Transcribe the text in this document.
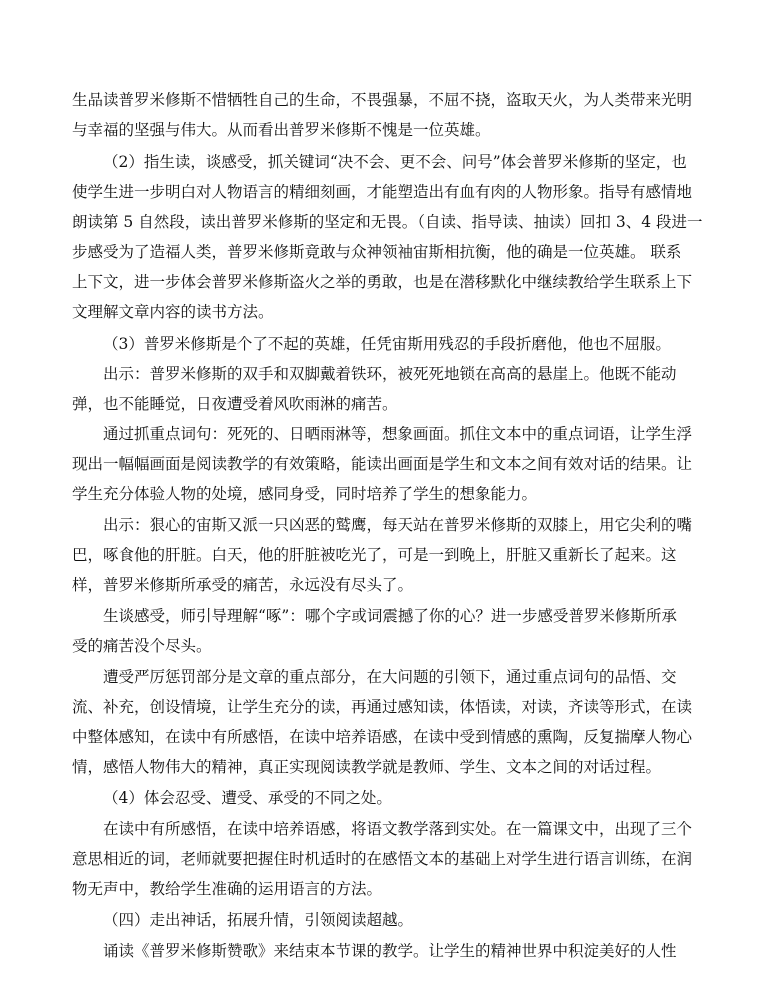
生品读普罗米修斯不惜牺牲自己的生命，不畏强暴，不屈不挠，盗取天火，为人类带来光明
与幸福的坚强与伟大。从而看出普罗米修斯不愧是一位英雄。
（2）指生读，谈感受，抓关键词“决不会、更不会、问号”体会普罗米修斯的坚定，也
使学生进一步明白对人物语言的精细刻画，才能塑造出有血有肉的人物形象。指导有感情地
朗读第 5 自然段，读出普罗米修斯的坚定和无畏。（自读、指导读、抽读）回扣 3、4 段进一
步感受为了造福人类，普罗米修斯竟敢与众神领袖宙斯相抗衡，他的确是一位英雄。 联系
上下文，进一步体会普罗米修斯盗火之举的勇敢，也是在潜移默化中继续教给学生联系上下
文理解文章内容的读书方法。
（3）普罗米修斯是个了不起的英雄，任凭宙斯用残忍的手段折磨他，他也不屈服。
出示：普罗米修斯的双手和双脚戴着铁环，被死死地锁在高高的悬崖上。他既不能动
弹，也不能睡觉，日夜遭受着风吹雨淋的痛苦。
通过抓重点词句：死死的、日晒雨淋等，想象画面。抓住文本中的重点词语，让学生浮
现出一幅幅画面是阅读教学的有效策略，能读出画面是学生和文本之间有效对话的结果。让
学生充分体验人物的处境，感同身受，同时培养了学生的想象能力。
出示：狠心的宙斯又派一只凶恶的鹫鹰，每天站在普罗米修斯的双膝上，用它尖利的嘴
巴，啄食他的肝脏。白天，他的肝脏被吃光了，可是一到晚上，肝脏又重新长了起来。这
样，普罗米修斯所承受的痛苦，永远没有尽头了。
生谈感受，师引导理解“啄”：哪个字或词震撼了你的心？进一步感受普罗米修斯所承
受的痛苦没个尽头。
遭受严厉惩罚部分是文章的重点部分，在大问题的引领下，通过重点词句的品悟、交
流、补充，创设情境，让学生充分的读，再通过感知读，体悟读，对读，齐读等形式，在读
中整体感知，在读中有所感悟，在读中培养语感，在读中受到情感的熏陶，反复揣摩人物心
情，感悟人物伟大的精神，真正实现阅读教学就是教师、学生、文本之间的对话过程。
（4）体会忍受、遭受、承受的不同之处。
在读中有所感悟，在读中培养语感，将语文教学落到实处。在一篇课文中，出现了三个
意思相近的词，老师就要把握住时机适时的在感悟文本的基础上对学生进行语言训练，在润
物无声中，教给学生准确的运用语言的方法。
（四）走出神话，拓展升情，引领阅读超越。
诵读《普罗米修斯赞歌》来结束本节课的教学。让学生的精神世界中积淀美好的人性
